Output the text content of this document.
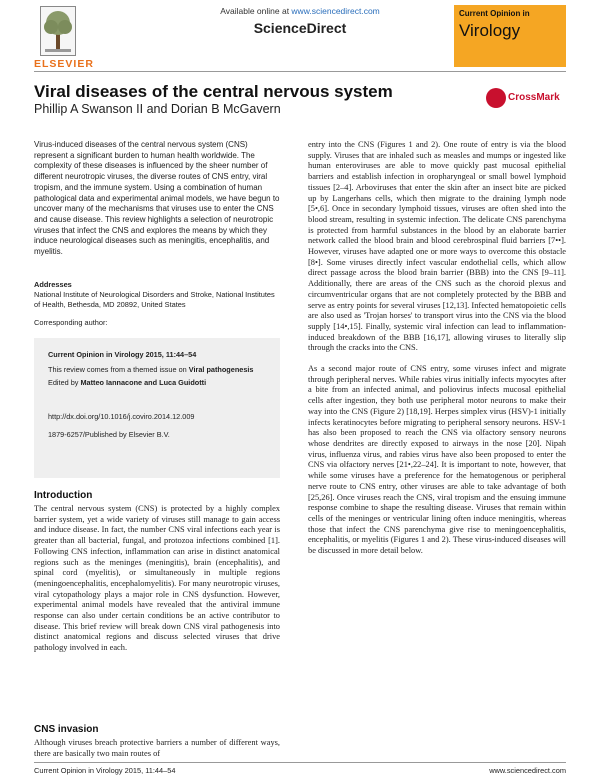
ELSEVIER
Available online at www.sciencedirect.com
ScienceDirect
Current Opinion in
Virology
Viral diseases of the central nervous system
Phillip A Swanson II and Dorian B McGavern
CrossMark

Virus-induced diseases of the central nervous system (CNS) represent a significant burden to human health worldwide. The complexity of these diseases is influenced by the sheer number of different neurotropic viruses, the diverse routes of CNS entry, viral tropism, and the immune system. Using a combination of human pathological data and experimental animal models, we have begun to uncover many of the mechanisms that viruses use to enter the CNS and cause disease. This review highlights a selection of neurotropic viruses that infect the CNS and explores the means by which they induce neurological diseases such as meningitis, encephalitis, and myelitis.

Addresses
National Institute of Neurological Disorders and Stroke, National Institutes of Health, Bethesda, MD 20892, United States
Corresponding author:
Current Opinion in Virology 2015, 11:44–54
This review comes from a themed issue on Viral pathogenesis
Edited by Matteo Iannacone and Luca Guidotti
http://dx.doi.org/10.1016/j.coviro.2014.12.009
1879-6257/Published by Elsevier B.V.
Introduction

The central nervous system (CNS) is protected by a highly complex barrier system, yet a wide variety of viruses still manage to gain access and induce disease. In fact, the number CNS viral infections each year is greater than all bacterial, fungal, and protozoa infections combined [1]. Following CNS infection, inflammation can arise in distinct anatomical regions such as the meninges (meningitis), brain (encephalitis), and spinal cord (myelitis), or simultaneously in multiple regions (meningoencephalitis, encephalomyelitis). For many neurotropic viruses, viral cytopathology plays a major role in CNS dysfunction. However, experimental animal models have revealed that the antiviral immune response can also under certain conditions be an active contributor to disease. This brief review will break down CNS viral pathogenesis into distinct anatomical regions and discuss selected viruses that drive pathology involved in each.

CNS invasion

Although viruses breach protective barriers a number of different ways, there are basically two main routes of

entry into the CNS (Figures 1 and 2). One route of entry is via the blood supply. Viruses that are inhaled such as measles and mumps or ingested like human enteroviruses are able to move quickly past mucosal epithelial barriers and establish infection in oropharyngeal or small bowel lymphoid tissues [2–4]. Arboviruses that enter the skin after an insect bite are picked up by Langerhans cells, which then migrate to the draining lymph node [5•,6]. Once in secondary lymphoid tissues, viruses are often shed into the blood stream, resulting in systemic infection. The delicate CNS parenchyma is protected from harmful substances in the blood by an elaborate barrier network called the blood brain and blood cerebrospinal fluid barriers [7••]. However, viruses have adapted one or more ways to overcome this obstacle [8•]. Some viruses directly infect vascular endothelial cells, which allow direct passage across the blood brain barrier (BBB) into the CNS [9–11]. Additionally, there are areas of the CNS such as the choroid plexus and circumventricular organs that are not completely protected by the BBB and serve as entry points for several viruses [12,13]. Infected hematopoietic cells are also used as 'Trojan horses' to transport virus into the CNS via the blood supply [14•,15]. Finally, systemic viral infection can lead to inflammation-induced breakdown of the BBB [16,17], allowing viruses to literally slip through the cracks into the CNS.

As a second major route of CNS entry, some viruses infect and migrate through peripheral nerves. While rabies virus initially infects myocytes after a bite from an infected animal, and poliovirus infects mucosal epithelial cells after ingestion, they both use peripheral motor neurons to make their way into the CNS (Figure 2) [18,19]. Herpes simplex virus (HSV)-1 initially infects keratinocytes before migrating to peripheral sensory neurons. HSV-1 has also been proposed to reach the CNS via olfactory sensory neurons whose dendrites are directly exposed to airways in the nose [20]. Nipah virus, influenza virus, and rabies virus have also been proposed to enter the CNS via olfactory nerves [21•,22–24]. It is important to note, however, that while some viruses have a preference for the hematogenous or peripheral nerve route to CNS entry, other viruses are able to take advantage of both [25,26]. Once viruses reach the CNS, viral tropism and the ensuing immune response combine to shape the resulting disease. Viruses that remain within cells of the meninges or ventricular lining often induce meningitis, whereas those that infect the CNS parenchyma give rise to meningoencephalitis, encephalitis, or myelitis (Figures 1 and 2). These virus-induced diseases will be discussed in more detail below.

Current Opinion in Virology 2015, 11:44–54	www.sciencedirect.com
